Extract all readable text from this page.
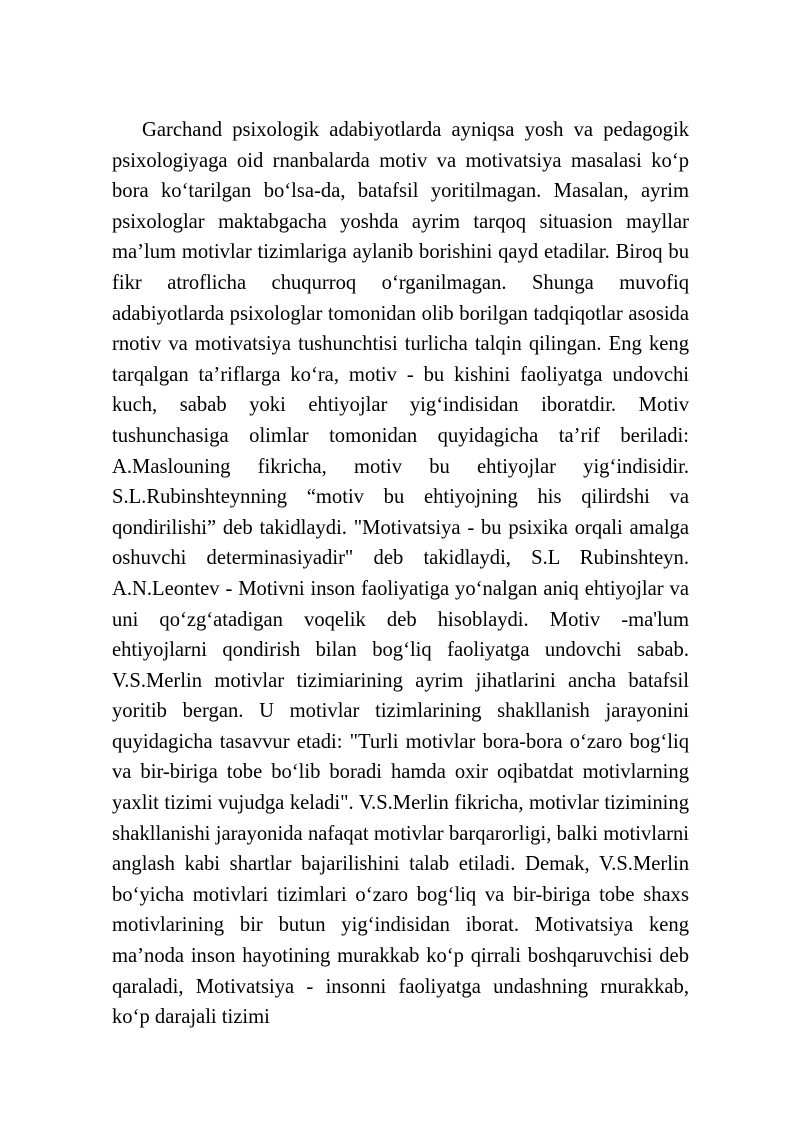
Garchand psixologik adabiyotlarda ayniqsa yosh va pedagogik psixologiyaga oid rnanbalarda motiv va motivatsiya masalasi ko‘p bora ko‘tarilgan bo‘lsa-da, batafsil yoritilmagan. Masalan, ayrim psixologlar maktabgacha yoshda ayrim tarqoq situasion mayllar ma’lum motivlar tizimlariga aylanib borishini qayd etadilar. Biroq bu fikr atroflicha chuqurroq o‘rganilmagan. Shunga muvofiq adabiyotlarda psixologlar tomonidan olib borilgan tadqiqotlar asosida rnotiv va motivatsiya tushunchtisi turlicha talqin qilingan. Eng keng tarqalgan ta’riflarga ko‘ra, motiv - bu kishini faoliyatga undovchi kuch, sabab yoki ehtiyojlar yig‘indisidan iboratdir. Motiv tushunchasiga olimlar tomonidan quyidagicha ta’rif beriladi: A.Maslouning fikricha, motiv bu ehtiyojlar yig‘indisidir. S.L.Rubinshteynning “motiv bu ehtiyojning his qilirdshi va qondirilishi” deb takidlaydi. "Motivatsiya - bu psixika orqali amalga oshuvchi determinasiyadir" deb takidlaydi, S.L Rubinshteyn. A.N.Leontev - Motivni inson faoliyatiga yo‘nalgan aniq ehtiyojlar va uni qo‘zg‘atadigan voqelik deb hisoblaydi. Motiv -ma'lum ehtiyojlarni qondirish bilan bog‘liq faoliyatga undovchi sabab. V.S.Merlin motivlar tizimiarining ayrim jihatlarini ancha batafsil yoritib bergan. U motivlar tizimlarining shakllanish jarayonini quyidagicha tasavvur etadi: "Turli motivlar bora-bora o‘zaro bog‘liq va bir-biriga tobe bo‘lib boradi hamda oxir oqibatdat motivlarning yaxlit tizimi vujudga keladi". V.S.Merlin fikricha, motivlar tizimining shakllanishi jarayonida nafaqat motivlar barqarorligi, balki motivlarni anglash kabi shartlar bajarilishini talab etiladi. Demak, V.S.Merlin bo‘yicha motivlari tizimlari o‘zaro bog‘liq va bir-biriga tobe shaxs motivlarining bir butun yig‘indisidan iborat. Motivatsiya keng ma’noda inson hayotining murakkab ko‘p qirrali boshqaruvchisi deb qaraladi, Motivatsiya - insonni faoliyatga undashning rnurakkab, ko‘p darajali tizimi
